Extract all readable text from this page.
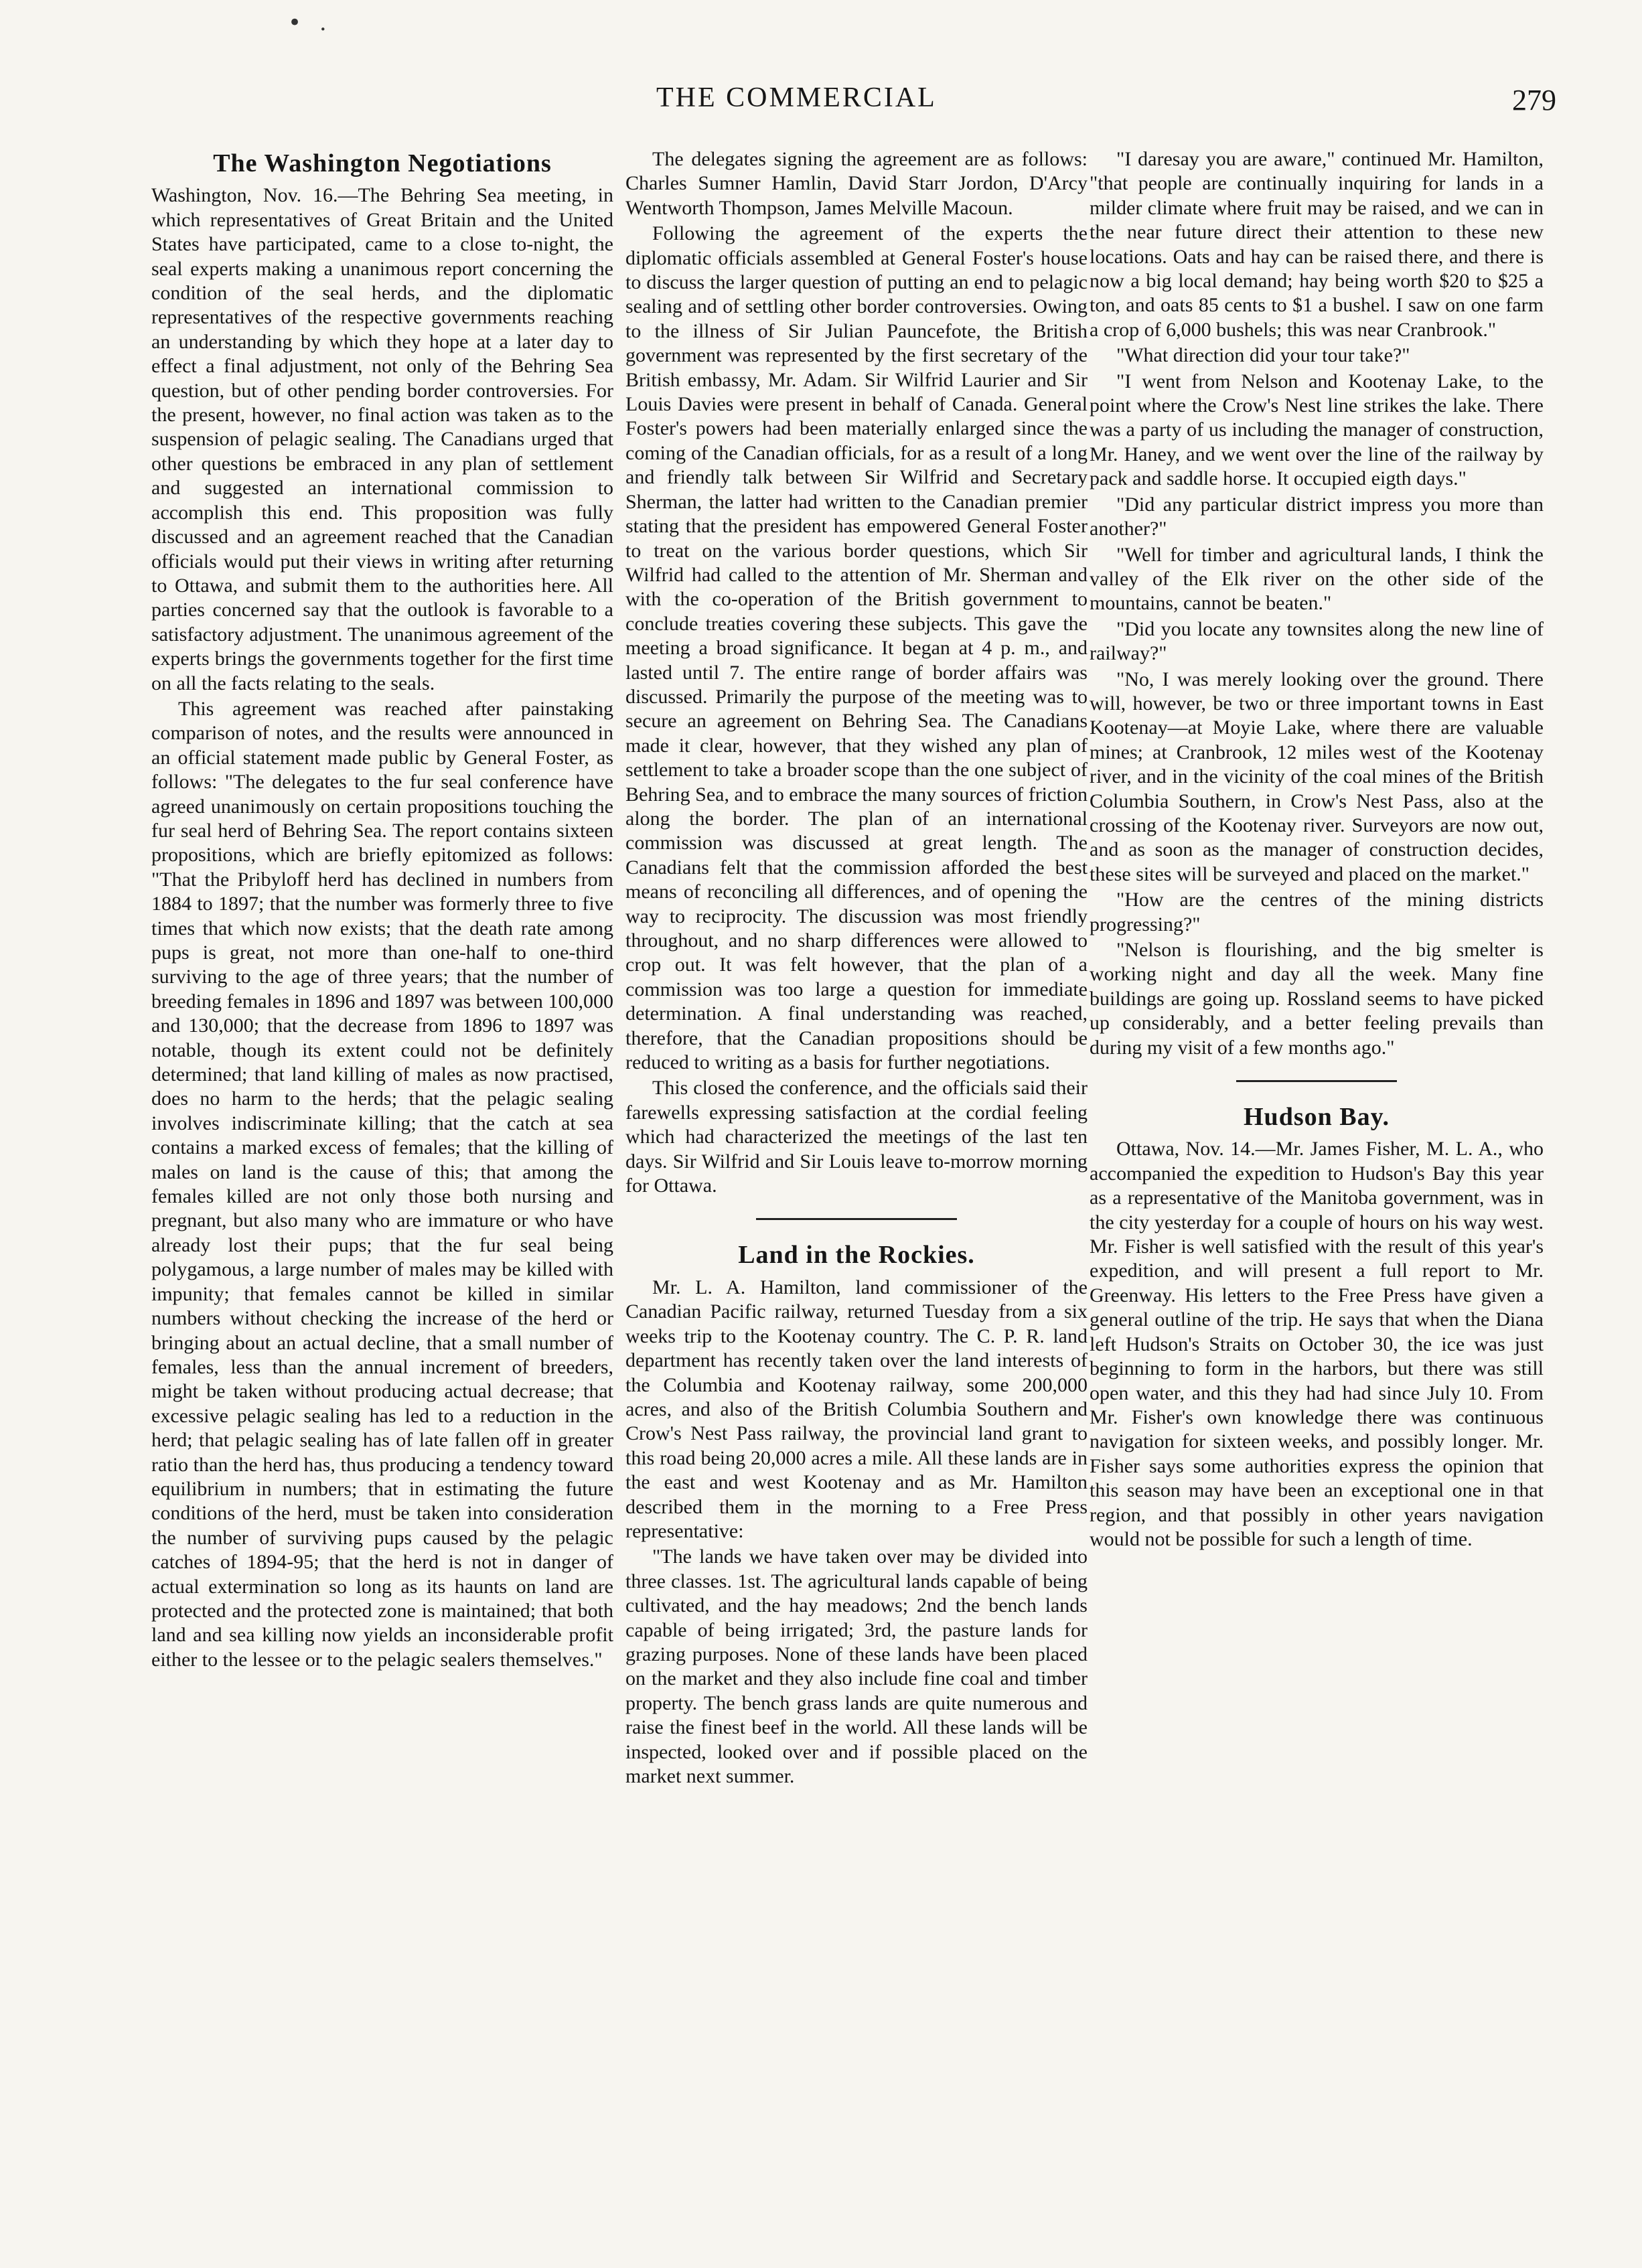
• .
THE COMMERCIAL	279
The Washington Negotiations

Washington, Nov. 16.—The Behring Sea meeting, in which representatives of Great Britain and the United States have participated, came to a close to-night, the seal experts making a unanimous report concerning the condition of the seal herds, and the diplomatic representatives of the respective governments reaching an understanding by which they hope at a later day to effect a final adjustment, not only of the Behring Sea question, but of other pending border controversies. For the present, however, no final action was taken as to the suspension of pelagic sealing. The Canadians urged that other questions be embraced in any plan of settlement and suggested an international commission to accomplish this end. This proposition was fully discussed and an agreement reached that the Canadian officials would put their views in writing after returning to Ottawa, and submit them to the authorities here. All parties concerned say that the outlook is favorable to a satisfactory adjustment. The unanimous agreement of the experts brings the governments together for the first time on all the facts relating to the seals.

This agreement was reached after painstaking comparison of notes, and the results were announced in an official statement made public by General Foster, as follows: "The delegates to the fur seal conference have agreed unanimously on certain propositions touching the fur seal herd of Behring Sea. The report contains sixteen propositions, which are briefly epitomized as follows: "That the Pribyloff herd has declined in numbers from 1884 to 1897; that the number was formerly three to five times that which now exists; that the death rate among pups is great, not more than one-half to one-third surviving to the age of three years; that the number of breeding females in 1896 and 1897 was between 100,000 and 130,000; that the decrease from 1896 to 1897 was notable, though its extent could not be definitely determined; that land killing of males as now practised, does no harm to the herds; that the pelagic sealing involves indiscriminate killing; that the catch at sea contains a marked excess of females; that the killing of males on land is the cause of this; that among the females killed are not only those both nursing and pregnant, but also many who are immature or who have already lost their pups; that the fur seal being polygamous, a large number of males may be killed with impunity; that females cannot be killed in similar numbers without checking the increase of the herd or bringing about an actual decline, that a small number of females, less than the annual increment of breeders, might be taken without producing actual decrease; that excessive pelagic sealing has led to a reduction in the herd; that pelagic sealing has of late fallen off in greater ratio than the herd has, thus producing a tendency toward equilibrium in numbers; that in estimating the future conditions of the herd, must be taken into consideration the number of surviving pups caused by the pelagic catches of 1894-95; that the herd is not in danger of actual extermination so long as its haunts on land are protected and the protected zone is maintained; that both land and sea killing now yields an inconsiderable profit either to the lessee or to the pelagic sealers themselves."

The delegates signing the agreement are as follows: Charles Sumner Hamlin, David Starr Jordon, D'Arcy Wentworth Thompson, James Melville Macoun.

Following the agreement of the experts the diplomatic officials assembled at General Foster's house to discuss the larger question of putting an end to pelagic sealing and of settling other border controversies. Owing to the illness of Sir Julian Pauncefote, the British government was represented by the first secretary of the British embassy, Mr. Adam. Sir Wilfrid Laurier and Sir Louis Davies were present in behalf of Canada. General Foster's powers had been materially enlarged since the coming of the Canadian officials, for as a result of a long and friendly talk between Sir Wilfrid and Secretary Sherman, the latter had written to the Canadian premier stating that the president has empowered General Foster to treat on the various border questions, which Sir Wilfrid had called to the attention of Mr. Sherman and with the co-operation of the British government to conclude treaties covering these subjects. This gave the meeting a broad significance. It began at 4 p. m., and lasted until 7. The entire range of border affairs was discussed. Primarily the purpose of the meeting was to secure an agreement on Behring Sea. The Canadians made it clear, however, that they wished any plan of settlement to take a broader scope than the one subject of Behring Sea, and to embrace the many sources of friction along the border. The plan of an international commission was discussed at great length. The Canadians felt that the commission afforded the best means of reconciling all differences, and of opening the way to reciprocity. The discussion was most friendly throughout, and no sharp differences were allowed to crop out. It was felt however, that the plan of a commission was too large a question for immediate determination. A final understanding was reached, therefore, that the Canadian propositions should be reduced to writing as a basis for further negotiations.

This closed the conference, and the officials said their farewells expressing satisfaction at the cordial feeling which had characterized the meetings of the last ten days. Sir Wilfrid and Sir Louis leave to-morrow morning for Ottawa.

Land in the Rockies.

Mr. L. A. Hamilton, land commissioner of the Canadian Pacific railway, returned Tuesday from a six weeks trip to the Kootenay country. The C. P. R. land department has recently taken over the land interests of the Columbia and Kootenay railway, some 200,000 acres, and also of the British Columbia Southern and Crow's Nest Pass railway, the provincial land grant to this road being 20,000 acres a mile. All these lands are in the east and west Kootenay and as Mr. Hamilton described them in the morning to a Free Press representative:

"The lands we have taken over may be divided into three classes. 1st. The agricultural lands capable of being cultivated, and the hay meadows; 2nd the bench lands capable of being irrigated; 3rd, the pasture lands for grazing purposes. None of these lands have been placed on the market and they also include fine coal and timber property. The bench grass lands are quite numerous and raise the finest beef in the world. All these lands will be inspected, looked over and if possible placed on the market next summer.

"I daresay you are aware," continued Mr. Hamilton, "that people are continually inquiring for lands in a milder climate where fruit may be raised, and we can in the near future direct their attention to these new locations. Oats and hay can be raised there, and there is now a big local demand; hay being worth $20 to $25 a ton, and oats 85 cents to $1 a bushel. I saw on one farm a crop of 6,000 bushels; this was near Cranbrook."

"What direction did your tour take?"

"I went from Nelson and Kootenay Lake, to the point where the Crow's Nest line strikes the lake. There was a party of us including the manager of construction, Mr. Haney, and we went over the line of the railway by pack and saddle horse. It occupied eigth days."

"Did any particular district impress you more than another?"

"Well for timber and agricultural lands, I think the valley of the Elk river on the other side of the mountains, cannot be beaten."

"Did you locate any townsites along the new line of railway?"

"No, I was merely looking over the ground. There will, however, be two or three important towns in East Kootenay—at Moyie Lake, where there are valuable mines; at Cranbrook, 12 miles west of the Kootenay river, and in the vicinity of the coal mines of the British Columbia Southern, in Crow's Nest Pass, also at the crossing of the Kootenay river. Surveyors are now out, and as soon as the manager of construction decides, these sites will be surveyed and placed on the market."

"How are the centres of the mining districts progressing?"

"Nelson is flourishing, and the big smelter is working night and day all the week. Many fine buildings are going up. Rossland seems to have picked up considerably, and a better feeling prevails than during my visit of a few months ago."

Hudson Bay.

Ottawa, Nov. 14.—Mr. James Fisher, M. L. A., who accompanied the expedition to Hudson's Bay this year as a representative of the Manitoba government, was in the city yesterday for a couple of hours on his way west. Mr. Fisher is well satisfied with the result of this year's expedition, and will present a full report to Mr. Greenway. His letters to the Free Press have given a general outline of the trip. He says that when the Diana left Hudson's Straits on October 30, the ice was just beginning to form in the harbors, but there was still open water, and this they had had since July 10. From Mr. Fisher's own knowledge there was continuous navigation for sixteen weeks, and possibly longer. Mr. Fisher says some authorities express the opinion that this season may have been an exceptional one in that region, and that possibly in other years navigation would not be possible for such a length of time.
